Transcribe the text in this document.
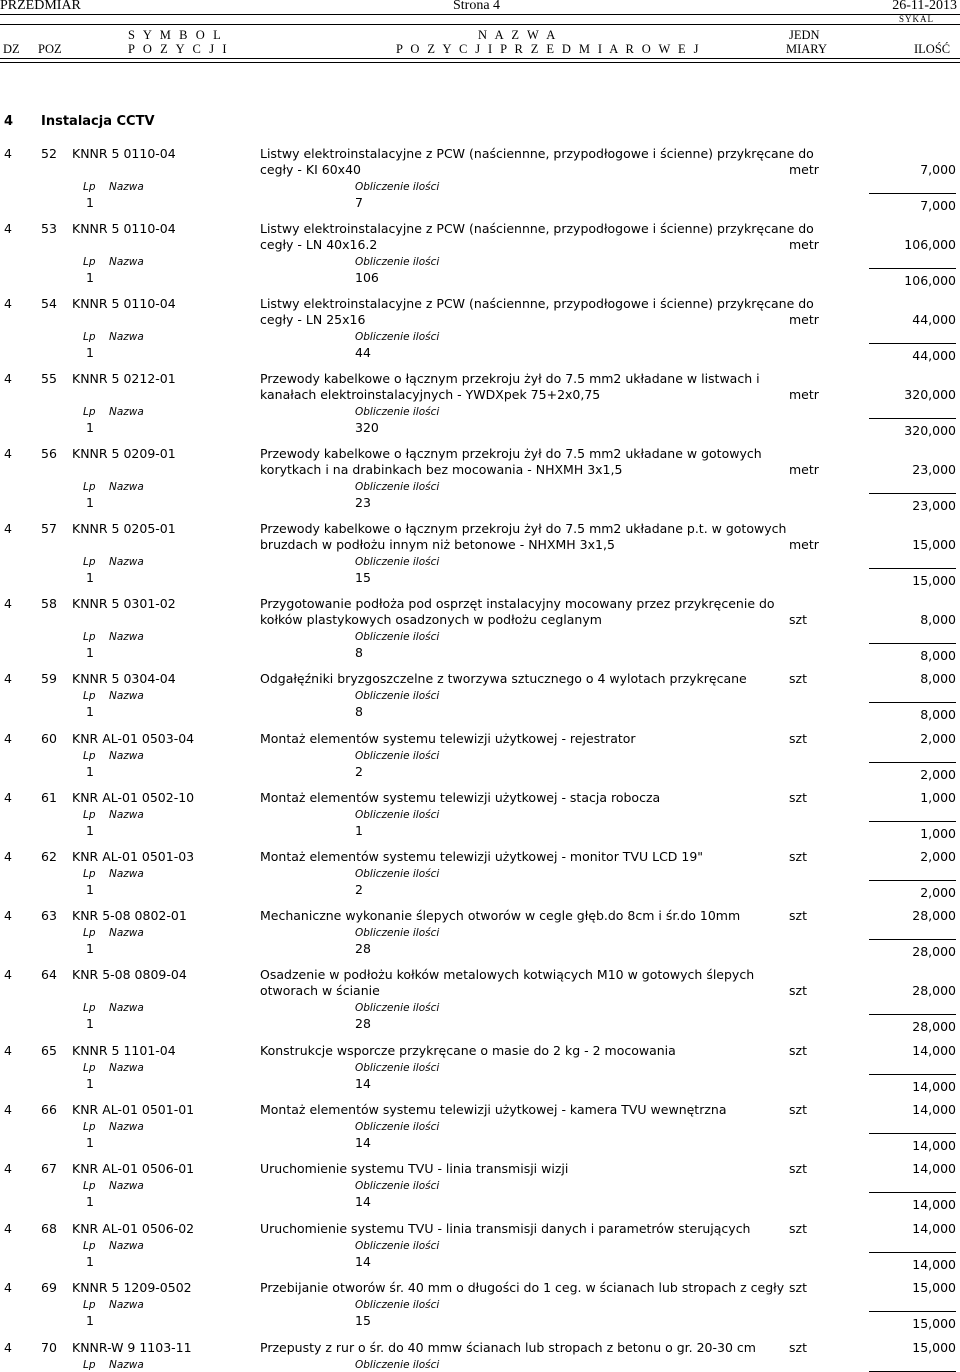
PRZEDMIAR	Strona 4	26-11-2013
SYKAL
DZ POZ
S Y M B O L
P O Z Y C J I
N A Z W A
P O Z Y C J I P R Z E D M I A R O W E J
JEDN
MIARY	ILOŚĆ
4 Instalacja CCTV
4 52 KNNR 5 0110-04	Listwy elektroinstalacyjne z PCW (naściennne, przypodłogowe i ścienne) przykręcane do
cegły - KI 60x40	metr	7,000
Lp Nazwa	Obliczenie ilości
1	7	7,000
4 53 KNNR 5 0110-04	Listwy elektroinstalacyjne z PCW (naściennne, przypodłogowe i ścienne) przykręcane do
cegły - LN 40x16.2	metr	106,000
Lp Nazwa	Obliczenie ilości
1	106	106,000
4 54 KNNR 5 0110-04	Listwy elektroinstalacyjne z PCW (naściennne, przypodłogowe i ścienne) przykręcane do
cegły - LN 25x16	metr	44,000
Lp Nazwa	Obliczenie ilości
1	44	44,000
4 55 KNNR 5 0212-01	Przewody kabelkowe o łącznym przekroju żył do 7.5 mm2 układane w listwach i
kanałach elektroinstalacyjnych - YWDXpek 75+2x0,75	metr	320,000
Lp Nazwa	Obliczenie ilości
1	320	320,000
4 56 KNNR 5 0209-01	Przewody kabelkowe o łącznym przekroju żył do 7.5 mm2 układane w gotowych
korytkach i na drabinkach bez mocowania - NHXMH 3x1,5	metr	23,000
Lp Nazwa	Obliczenie ilości
1	23	23,000
4 57 KNNR 5 0205-01	Przewody kabelkowe o łącznym przekroju żył do 7.5 mm2 układane p.t. w gotowych
bruzdach w podłożu innym niż betonowe - NHXMH 3x1,5	metr	15,000
Lp Nazwa	Obliczenie ilości
1	15	15,000
4 58 KNNR 5 0301-02	Przygotowanie podłoża pod osprzęt instalacyjny mocowany przez przykręcenie do
kołków plastykowych osadzonych w podłożu ceglanym	szt	8,000
Lp Nazwa	Obliczenie ilości
1	8	8,000
4 59 KNNR 5 0304-04	Odgałęźniki bryzgoszczelne z tworzywa sztucznego o 4 wylotach przykręcane	szt	8,000
Lp Nazwa	Obliczenie ilości
1	8	8,000
4 60 KNR AL-01 0503-04	Montaż elementów systemu telewizji użytkowej - rejestrator	szt	2,000
Lp Nazwa	Obliczenie ilości
1	2	2,000
4 61 KNR AL-01 0502-10	Montaż elementów systemu telewizji użytkowej - stacja robocza	szt	1,000
Lp Nazwa	Obliczenie ilości
1	1	1,000
4 62 KNR AL-01 0501-03	Montaż elementów systemu telewizji użytkowej - monitor TVU LCD 19"	szt	2,000
Lp Nazwa	Obliczenie ilości
1	2	2,000
4 63 KNR 5-08 0802-01	Mechaniczne wykonanie ślepych otworów w cegle głęb.do 8cm i śr.do 10mm	szt	28,000
Lp Nazwa	Obliczenie ilości
1	28	28,000
4 64 KNR 5-08 0809-04	Osadzenie w podłożu kołków metalowych kotwiących M10 w gotowych ślepych
otworach w ścianie	szt	28,000
Lp Nazwa	Obliczenie ilości
1	28	28,000
4 65 KNNR 5 1101-04	Konstrukcje wsporcze przykręcane o masie do 2 kg - 2 mocowania	szt	14,000
Lp Nazwa	Obliczenie ilości
1	14	14,000
4 66 KNR AL-01 0501-01	Montaż elementów systemu telewizji użytkowej - kamera TVU wewnętrzna	szt	14,000
Lp Nazwa	Obliczenie ilości
1	14	14,000
4 67 KNR AL-01 0506-01	Uruchomienie systemu TVU - linia transmisji wizji	szt	14,000
Lp Nazwa	Obliczenie ilości
1	14	14,000
4 68 KNR AL-01 0506-02	Uruchomienie systemu TVU - linia transmisji danych i parametrów sterujących	szt	14,000
Lp Nazwa	Obliczenie ilości
1	14	14,000
4 69 KNNR 5 1209-0502	Przebijanie otworów śr. 40 mm o długości do 1 ceg. w ścianach lub stropach z cegły szt	15,000
Lp Nazwa	Obliczenie ilości
1	15	15,000
4 70 KNNR-W 9 1103-11	Przepusty z rur o śr. do 40 mmw ścianach lub stropach z betonu o gr. 20-30 cm	szt	15,000
Lp Nazwa	Obliczenie ilości
